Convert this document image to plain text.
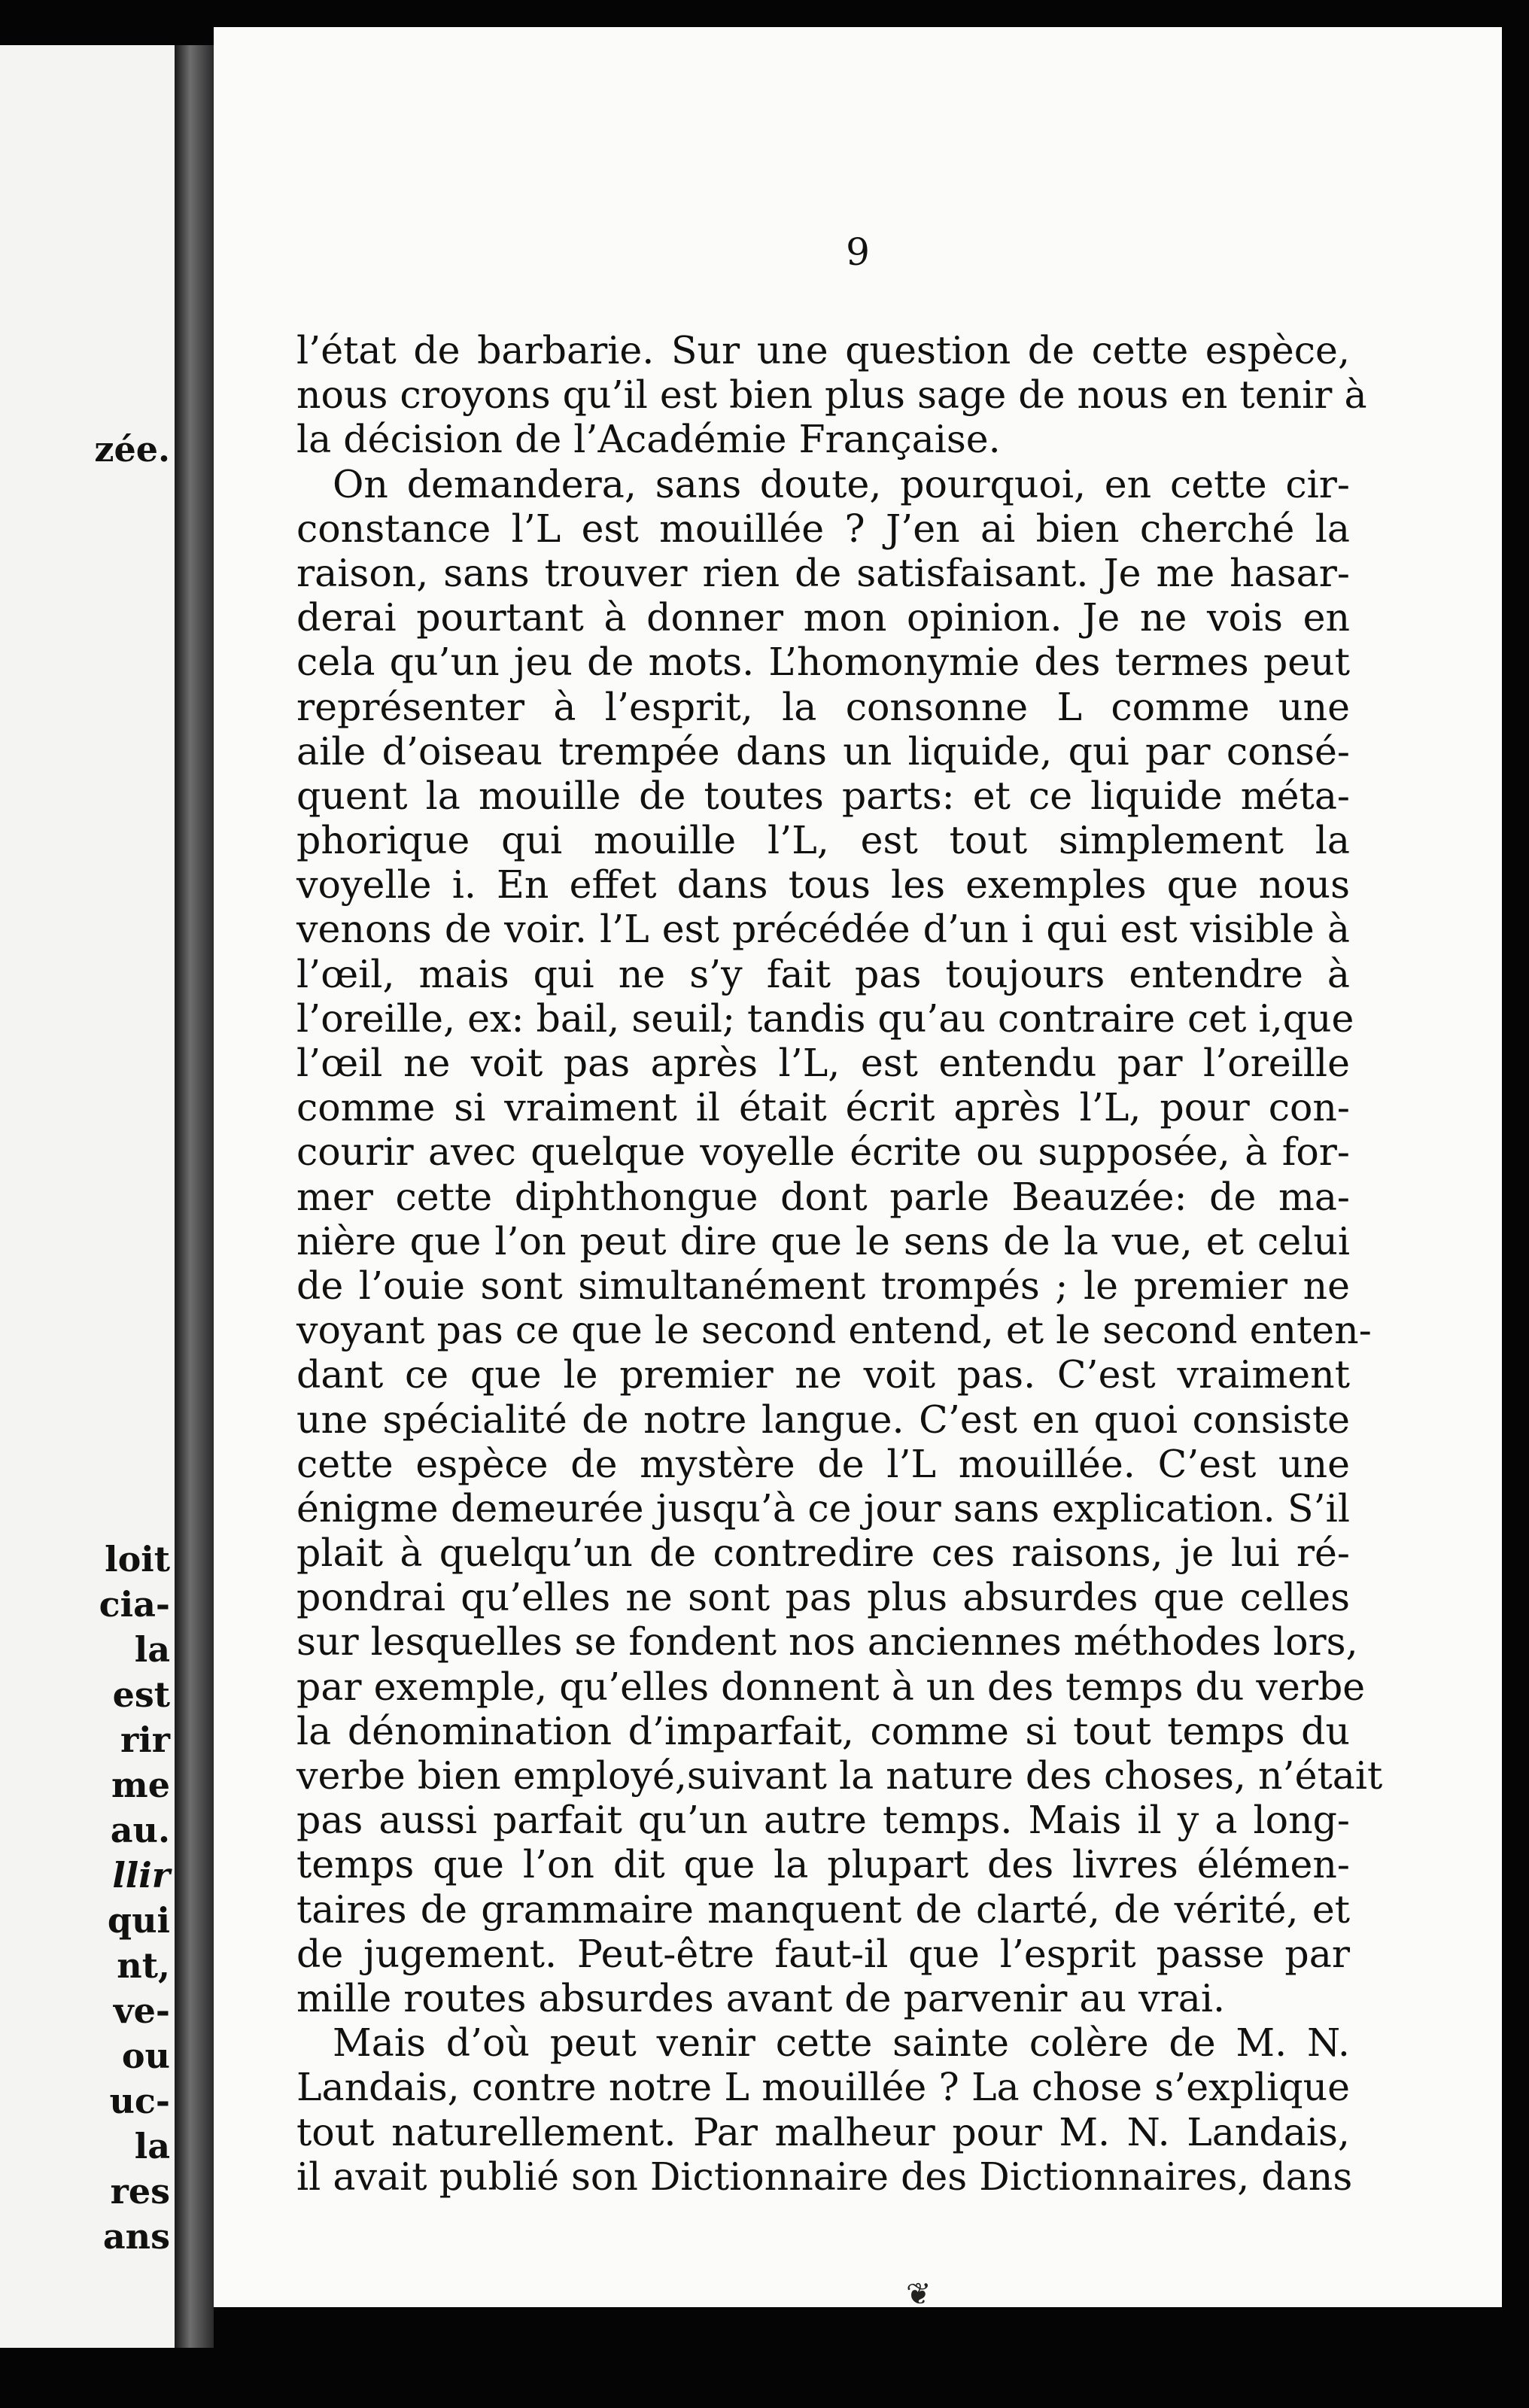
zée.
loit
cia-
la
est
rir
me
au.
llir
qui
nt,
ve-
ou
uc-
la
res
ans
9
l’état de barbarie. Sur une question de cette espèce,
nous croyons qu’il est bien plus sage de nous en tenir à
la décision de l’Académie Française.
On demandera, sans doute, pourquoi, en cette cir-
constance l’L est mouillée ? J’en ai bien cherché la
raison, sans trouver rien de satisfaisant. Je me hasar-
derai pourtant à donner mon opinion. Je ne vois en
cela qu’un jeu de mots. L’homonymie des termes peut
représenter à l’esprit, la consonne L comme une
aile d’oiseau trempée dans un liquide, qui par consé-
quent la mouille de toutes parts: et ce liquide méta-
phorique qui mouille l’L, est tout simplement la
voyelle i. En effet dans tous les exemples que nous
venons de voir. l’L est précédée d’un i qui est visible à
l’œil, mais qui ne s’y fait pas toujours entendre à
l’oreille, ex: bail, seuil; tandis qu’au contraire cet i,que
l’œil ne voit pas après l’L, est entendu par l’oreille
comme si vraiment il était écrit après l’L, pour con-
courir avec quelque voyelle écrite ou supposée, à for-
mer cette diphthongue dont parle Beauzée: de ma-
nière que l’on peut dire que le sens de la vue, et celui
de l’ouie sont simultanément trompés ; le premier ne
voyant pas ce que le second entend, et le second enten-
dant ce que le premier ne voit pas. C’est vraiment
une spécialité de notre langue. C’est en quoi consiste
cette espèce de mystère de l’L mouillée. C’est une
énigme demeurée jusqu’à ce jour sans explication. S’il
plait à quelqu’un de contredire ces raisons, je lui ré-
pondrai qu’elles ne sont pas plus absurdes que celles
sur lesquelles se fondent nos anciennes méthodes lors,
par exemple, qu’elles donnent à un des temps du verbe
la dénomination d’imparfait, comme si tout temps du
verbe bien employé,suivant la nature des choses, n’était
pas aussi parfait qu’un autre temps. Mais il y a long-
temps que l’on dit que la plupart des livres élémen-
taires de grammaire manquent de clarté, de vérité, et
de jugement. Peut-être faut-il que l’esprit passe par
mille routes absurdes avant de parvenir au vrai.
Mais d’où peut venir cette sainte colère de M. N.
Landais, contre notre L mouillée ? La chose s’explique
tout naturellement. Par malheur pour M. N. Landais,
il avait publié son Dictionnaire des Dictionnaires, dans
❦
